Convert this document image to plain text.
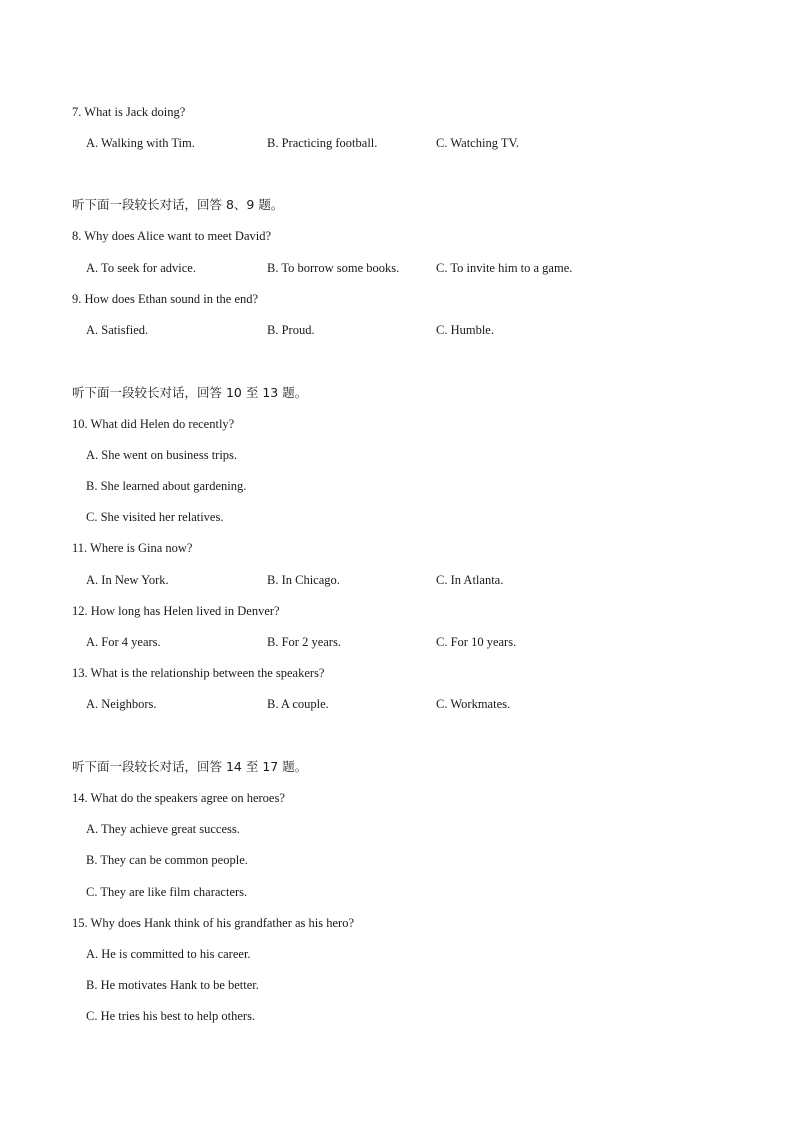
7. What is Jack doing?
A. Walking with Tim.	B. Practicing football.	C. Watching TV.
听下面一段较长对话，回答 8、9 题。
8. Why does Alice want to meet David?
A. To seek for advice.	B. To borrow some books.	C. To invite him to a game.
9. How does Ethan sound in the end?
A. Satisfied.	B. Proud.	C. Humble.
听下面一段较长对话，回答 10 至 13 题。
10. What did Helen do recently?
A. She went on business trips.
B. She learned about gardening.
C. She visited her relatives.
11. Where is Gina now?
A. In New York.	B. In Chicago.	C. In Atlanta.
12. How long has Helen lived in Denver?
A. For 4 years.	B. For 2 years.	C. For 10 years.
13. What is the relationship between the speakers?
A. Neighbors.	B. A couple.	C. Workmates.
听下面一段较长对话，回答 14 至 17 题。
14. What do the speakers agree on heroes?
A. They achieve great success.
B. They can be common people.
C. They are like film characters.
15. Why does Hank think of his grandfather as his hero?
A. He is committed to his career.
B. He motivates Hank to be better.
C. He tries his best to help others.
